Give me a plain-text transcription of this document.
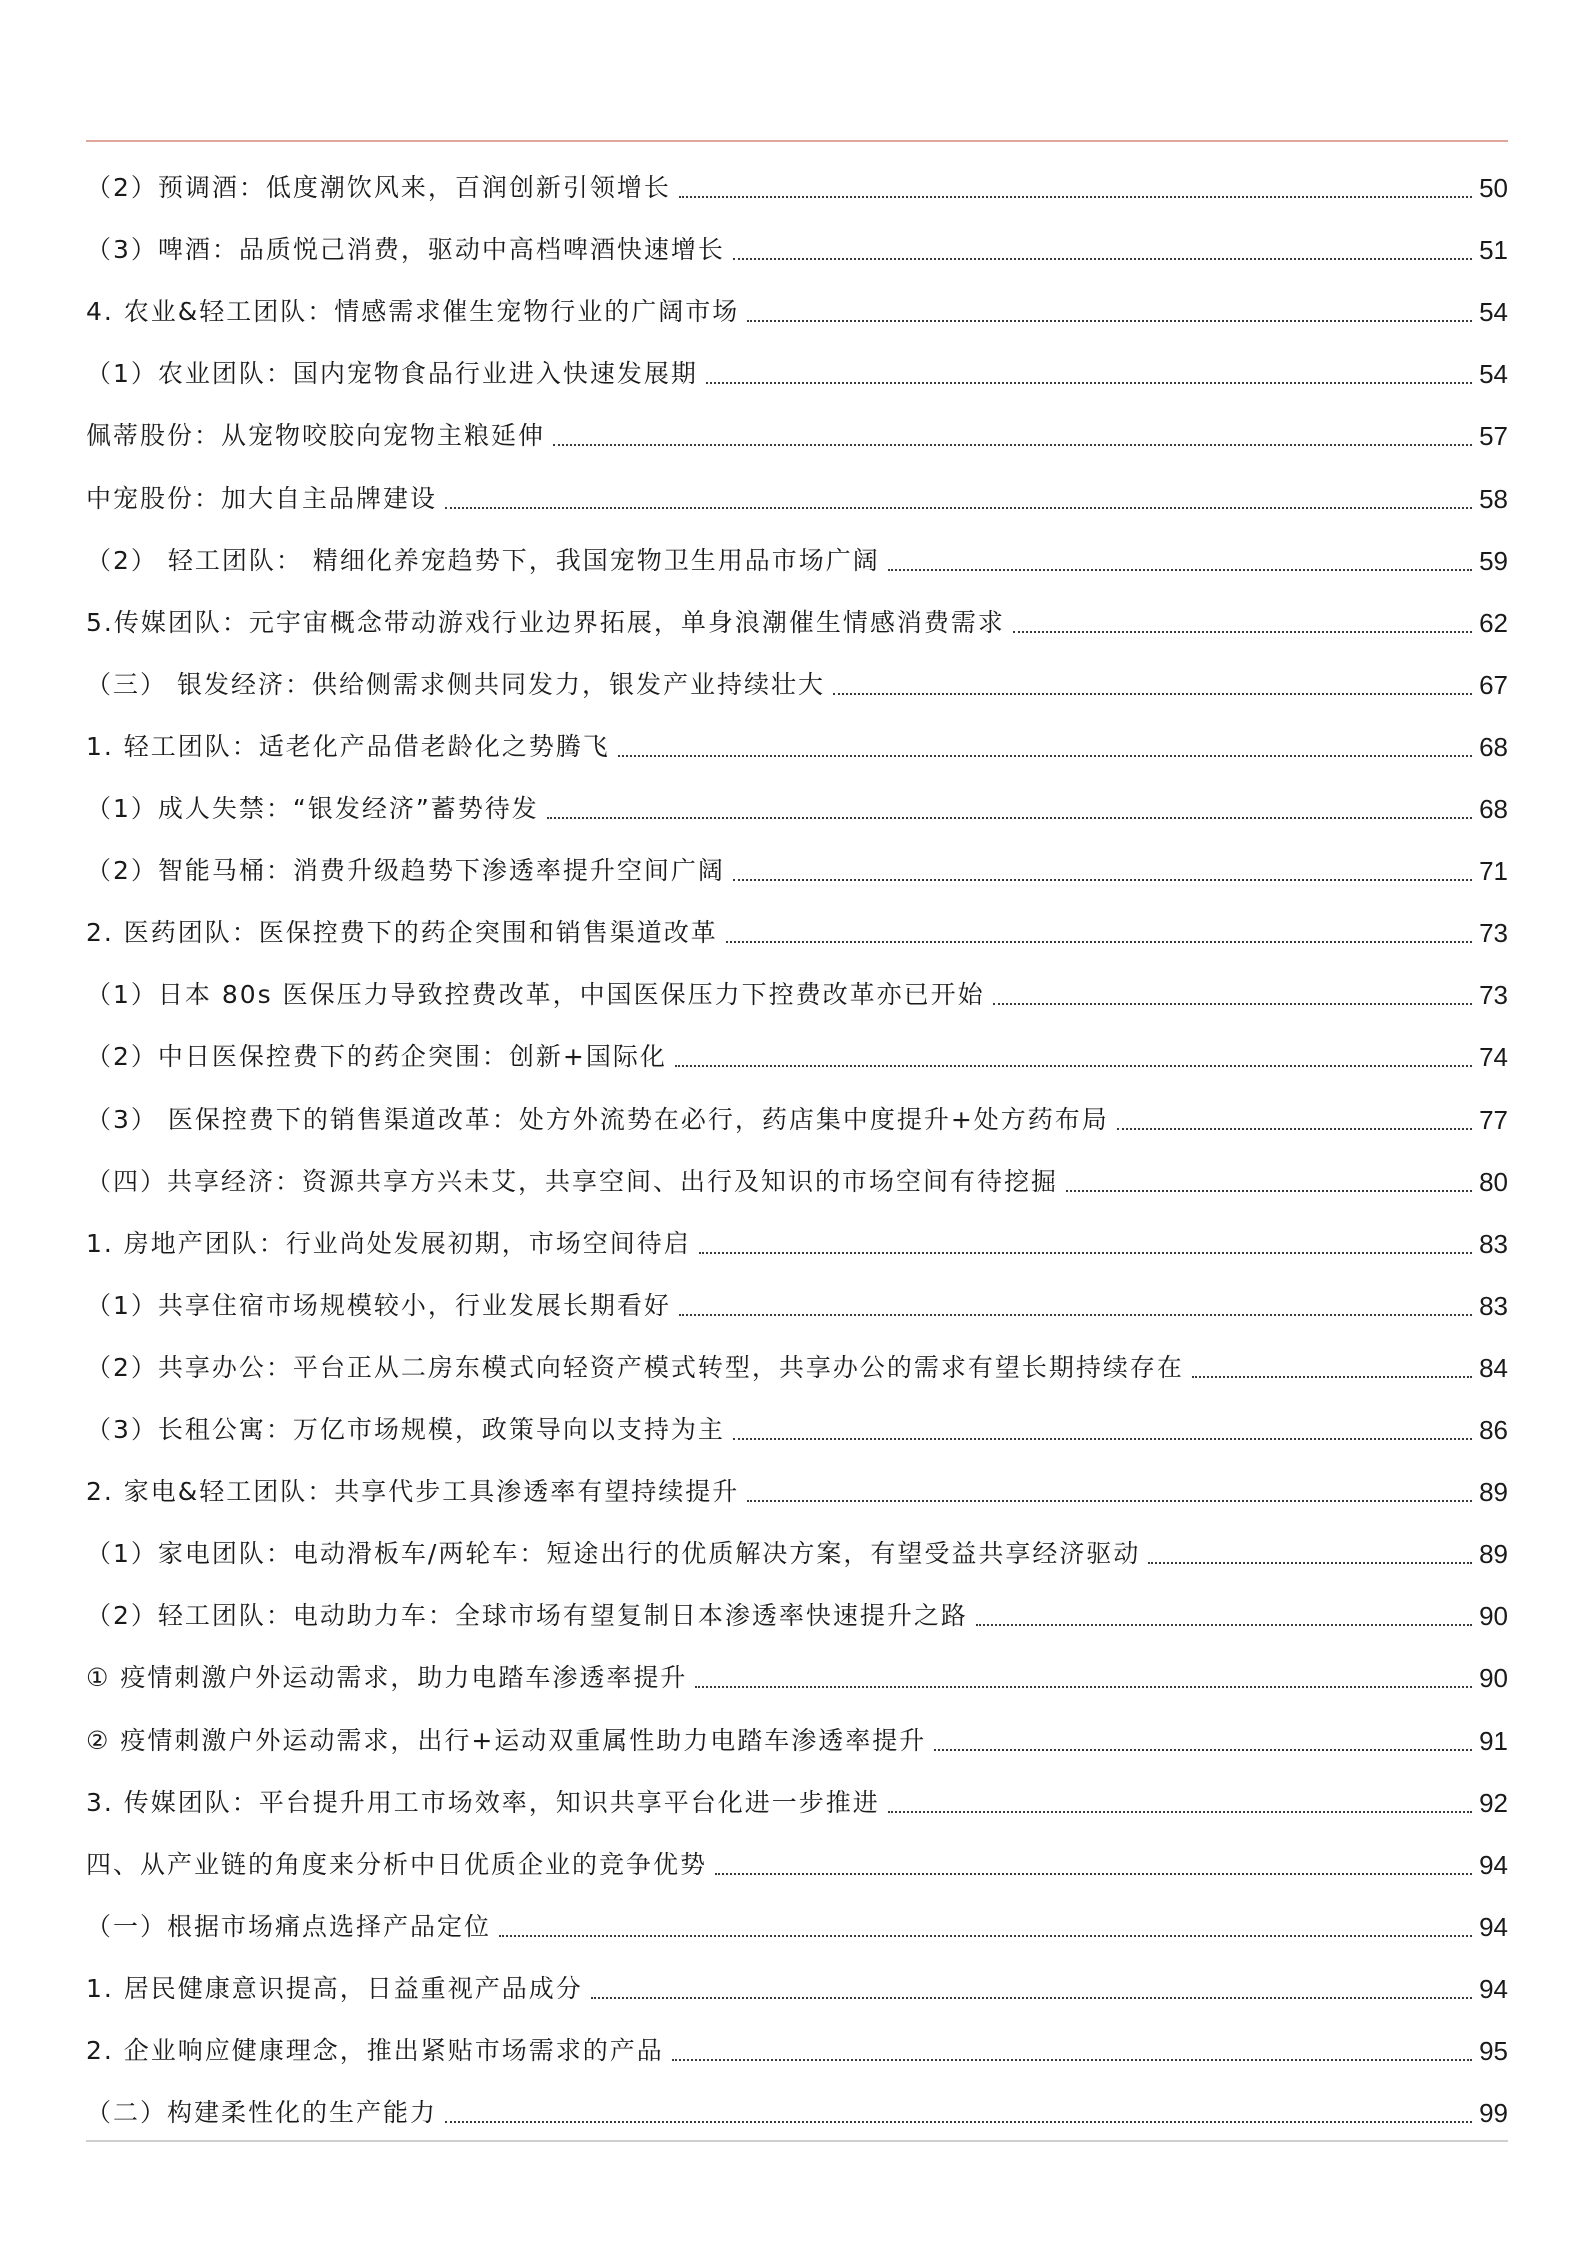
（2）预调酒：低度潮饮风来，百润创新引领增长	50
（3）啤酒：品质悦己消费，驱动中高档啤酒快速增长	51
4. 农业&轻工团队：情感需求催生宠物行业的广阔市场	54
（1）农业团队：国内宠物食品行业进入快速发展期	54
佩蒂股份：从宠物咬胶向宠物主粮延伸	57
中宠股份：加大自主品牌建设	58
（2） 轻工团队： 精细化养宠趋势下，我国宠物卫生用品市场广阔	59
5.传媒团队：元宇宙概念带动游戏行业边界拓展，单身浪潮催生情感消费需求	62
（三） 银发经济：供给侧需求侧共同发力，银发产业持续壮大	67
1. 轻工团队：适老化产品借老龄化之势腾飞	68
（1）成人失禁：“银发经济”蓄势待发	68
（2）智能马桶：消费升级趋势下渗透率提升空间广阔	71
2. 医药团队：医保控费下的药企突围和销售渠道改革	73
（1）日本 80s 医保压力导致控费改革，中国医保压力下控费改革亦已开始	73
（2）中日医保控费下的药企突围：创新+国际化	74
（3） 医保控费下的销售渠道改革：处方外流势在必行，药店集中度提升+处方药布局	77
（四）共享经济：资源共享方兴未艾，共享空间、出行及知识的市场空间有待挖掘	80
1. 房地产团队：行业尚处发展初期，市场空间待启	83
（1）共享住宿市场规模较小，行业发展长期看好	83
（2）共享办公：平台正从二房东模式向轻资产模式转型，共享办公的需求有望长期持续存在	84
（3）长租公寓：万亿市场规模，政策导向以支持为主	86
2. 家电&轻工团队：共享代步工具渗透率有望持续提升	89
（1）家电团队：电动滑板车/两轮车：短途出行的优质解决方案，有望受益共享经济驱动	89
（2）轻工团队：电动助力车：全球市场有望复制日本渗透率快速提升之路	90
① 疫情刺激户外运动需求，助力电踏车渗透率提升	90
② 疫情刺激户外运动需求，出行+运动双重属性助力电踏车渗透率提升	91
3. 传媒团队：平台提升用工市场效率，知识共享平台化进一步推进	92
四、从产业链的角度来分析中日优质企业的竞争优势	94
（一）根据市场痛点选择产品定位	94
1. 居民健康意识提高，日益重视产品成分	94
2. 企业响应健康理念，推出紧贴市场需求的产品	95
（二）构建柔性化的生产能力	99
